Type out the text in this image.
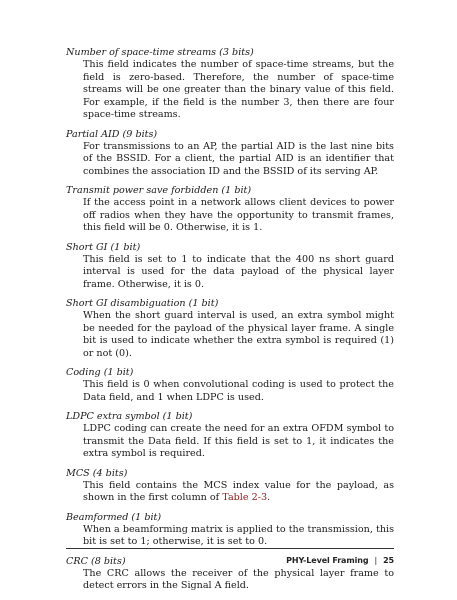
Number of space-time streams (3 bits)

This field indicates the number of space-time streams, but the field is zero-based. Therefore, the number of space-time streams will be one greater than the binary value of this field. For example, if the field is the number 3, then there are four space-time streams.

Partial AID (9 bits)

For transmissions to an AP, the partial AID is the last nine bits of the BSSID. For a client, the partial AID is an identifier that combines the association ID and the BSSID of its serving AP.

Transmit power save forbidden (1 bit)

If the access point in a network allows client devices to power off radios when they have the opportunity to transmit frames, this field will be 0. Otherwise, it is 1.

Short GI (1 bit)

This field is set to 1 to indicate that the 400 ns short guard interval is used for the data payload of the physical layer frame. Otherwise, it is 0.

Short GI disambiguation (1 bit)

When the short guard interval is used, an extra symbol might be needed for the payload of the physical layer frame. A single bit is used to indicate whether the extra symbol is required (1) or not (0).

Coding (1 bit)

This field is 0 when convolutional coding is used to protect the Data field, and 1 when LDPC is used.

LDPC extra symbol (1 bit)

LDPC coding can create the need for an extra OFDM symbol to transmit the Data field. If this field is set to 1, it indicates the extra symbol is required.

MCS (4 bits)

This field contains the MCS index value for the payload, as shown in the first column of Table 2-3.

Beamformed (1 bit)

When a beamforming matrix is applied to the transmission, this bit is set to 1; otherwise, it is set to 0.

CRC (8 bits)

The CRC allows the receiver of the physical layer frame to detect errors in the Signal A field.

PHY-Level Framing | 25
